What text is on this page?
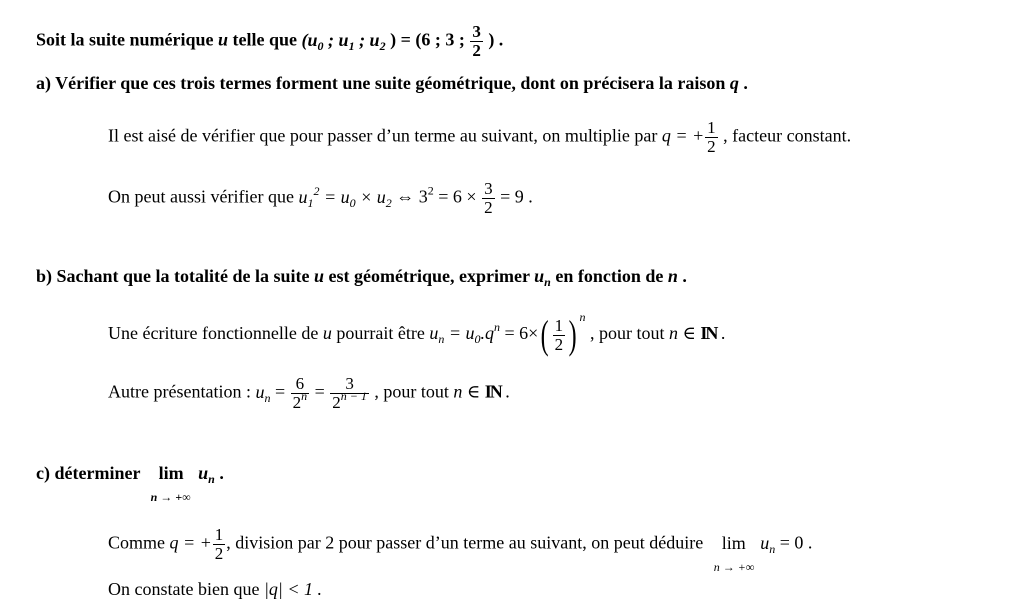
Soit la suite numérique u telle que ($u_0$ ; $u_1$ ; $u_2$ ) = (6 ; 3 ; $\frac{3}{2}$ ) .
a) Vérifier que ces trois termes forment une suite géométrique, dont on précisera la raison q .
Il est aisé de vérifier que pour passer d’un terme au suivant, on multiplie par q = + $\frac{1}{2}$ , facteur constant.
On peut aussi vérifier que $u_1^2 = u_0 \times u_2$ ⇔ $3^2 = 6 \times \frac{3}{2} = 9$ .
b) Sachant que la totalité de la suite u est géométrique, exprimer $u_n$ en fonction de n .
Une écriture fonctionnelle de u pourrait être $u_n = u_0.q^n = 6\times( \frac{1}{2}$ ) $^n$ , pour tout n ∈ IN .
Autre présentation : $u_n = \frac{6}{2^n} = \frac{3}{2^{n - 1}}$ , pour tout n ∈ IN .
c) déterminer lim
n → +∞
$u_n$ .
Comme q = + $\frac{1}{2}$ , division par 2 pour passer d’un terme au suivant, on peut déduire lim
n → +∞
$u_n = 0$ .
On constate bien que |q| < 1 .
